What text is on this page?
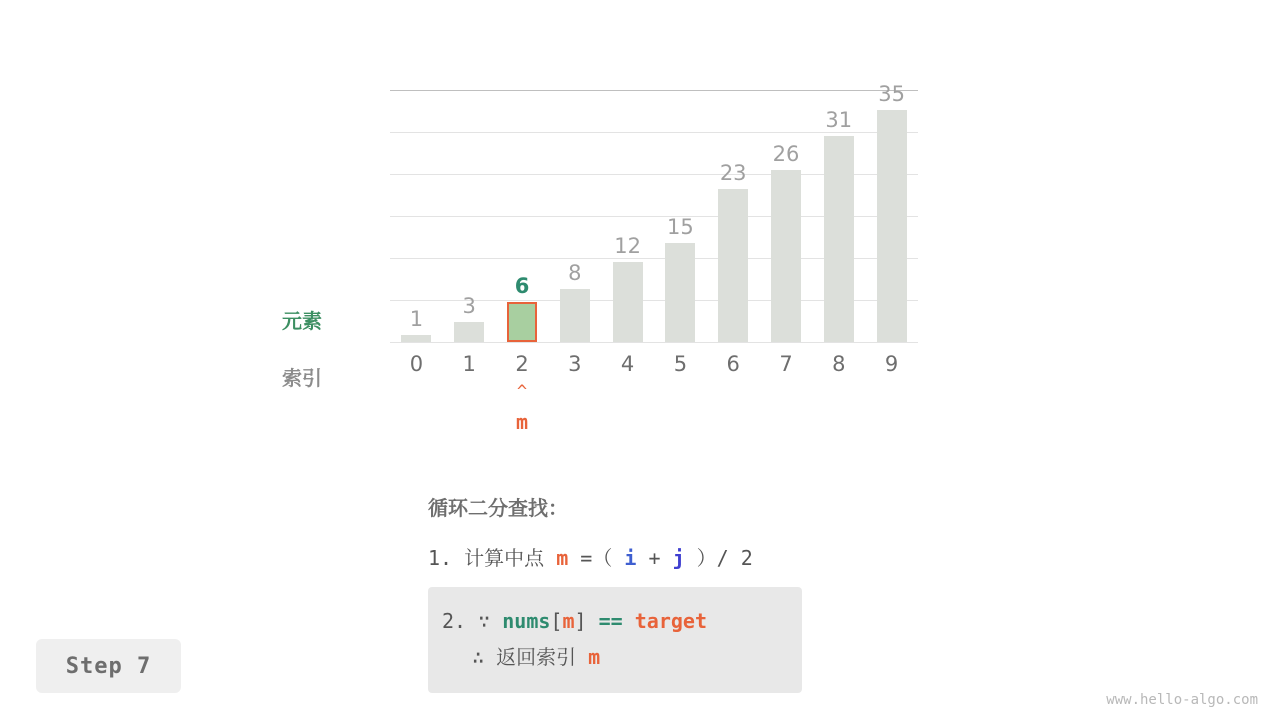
元素
索引
^
m
1
0
3
1
6
2
8
3
12
4
15
5
23
6
26
7
31
8
35
9
循环二分查找：
1. 计算中点 m =（ i + j ）/ 2
2. ∵ nums[m] == target
∴ 返回索引 m
Step 7
www.hello-algo.com
